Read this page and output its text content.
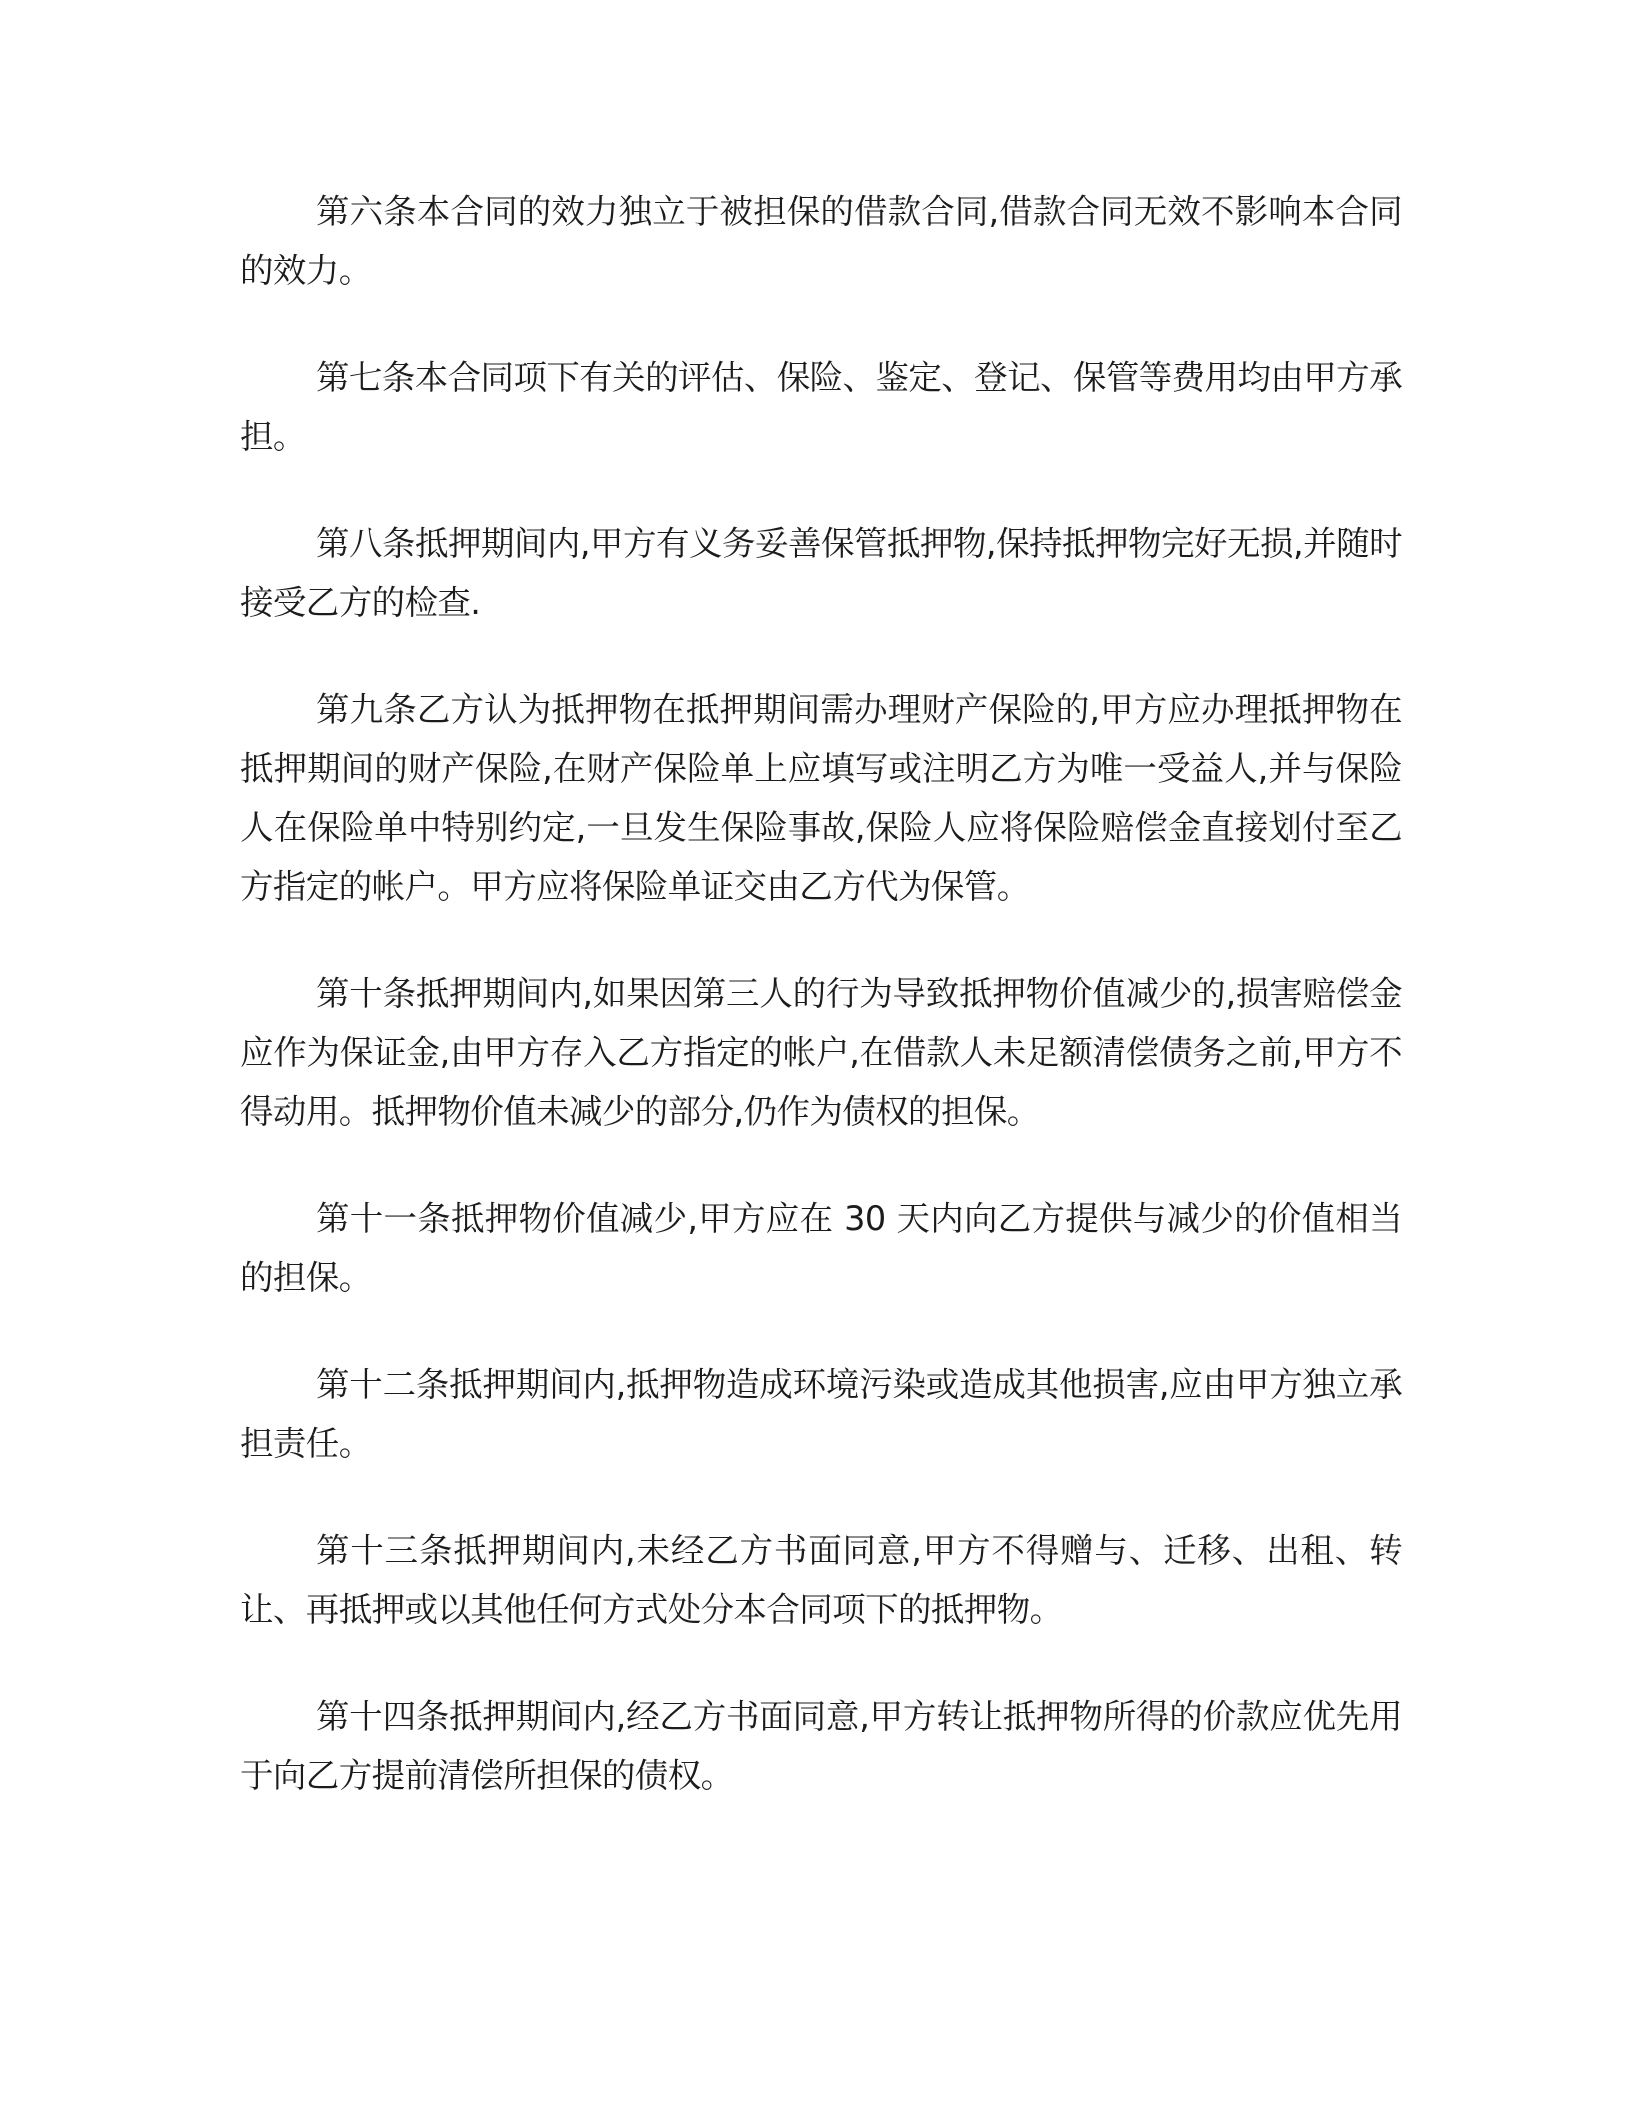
第六条本合同的效力独立于被担保的借款合同,借款合同无效不影响本合同的效力。

第七条本合同项下有关的评估、保险、鉴定、登记、保管等费用均由甲方承担。

第八条抵押期间内,甲方有义务妥善保管抵押物,保持抵押物完好无损,并随时接受乙方的检查.

第九条乙方认为抵押物在抵押期间需办理财产保险的,甲方应办理抵押物在抵押期间的财产保险,在财产保险单上应填写或注明乙方为唯一受益人,并与保险人在保险单中特别约定,一旦发生保险事故,保险人应将保险赔偿金直接划付至乙方指定的帐户。甲方应将保险单证交由乙方代为保管。

第十条抵押期间内,如果因第三人的行为导致抵押物价值减少的,损害赔偿金应作为保证金,由甲方存入乙方指定的帐户,在借款人未足额清偿债务之前,甲方不得动用。抵押物价值未减少的部分,仍作为债权的担保。

第十一条抵押物价值减少,甲方应在 30 天内向乙方提供与减少的价值相当的担保。

第十二条抵押期间内,抵押物造成环境污染或造成其他损害,应由甲方独立承担责任。

第十三条抵押期间内,未经乙方书面同意,甲方不得赠与、迁移、出租、转让、再抵押或以其他任何方式处分本合同项下的抵押物。

第十四条抵押期间内,经乙方书面同意,甲方转让抵押物所得的价款应优先用于向乙方提前清偿所担保的债权。
